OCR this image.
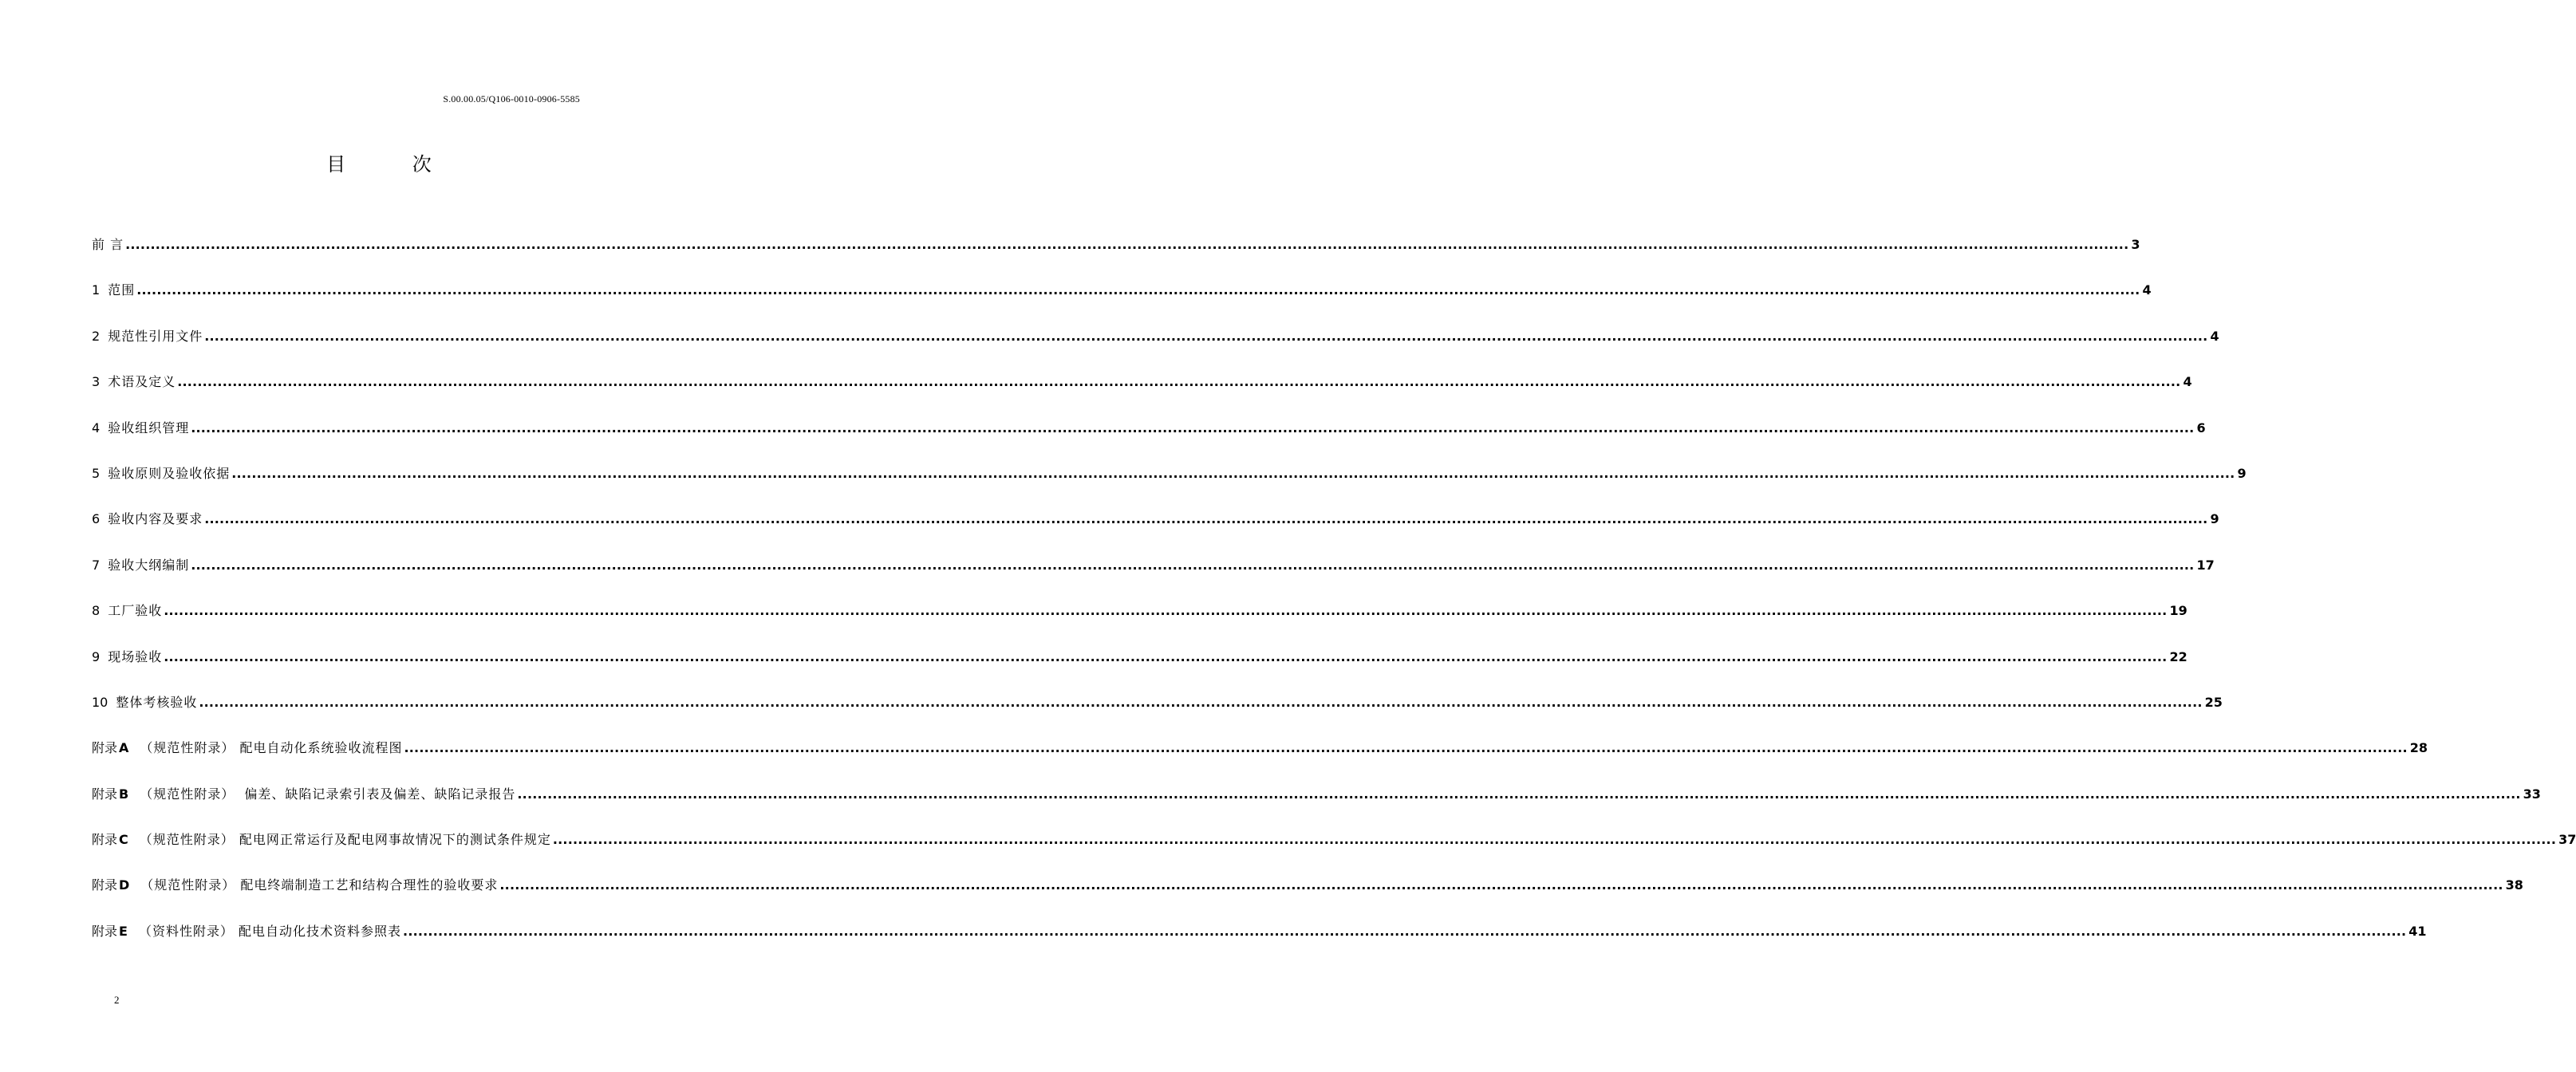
S.00.00.05/Q106-0010-0906-5585
目 次
前 言 ................................................................................................................................................................................................................................................................................................................................................................................................................ 3
1 范围 ................................................................................................................................................................................................................................................................................................................................................................................................................ 4
2 规范性引用文件 ................................................................................................................................................................................................................................................................................................................................................................................................................ 4
3 术语及定义 ................................................................................................................................................................................................................................................................................................................................................................................................................ 4
4 验收组织管理 ................................................................................................................................................................................................................................................................................................................................................................................................................ 6
5 验收原则及验收依据 ................................................................................................................................................................................................................................................................................................................................................................................................................ 9
6 验收内容及要求 ................................................................................................................................................................................................................................................................................................................................................................................................................ 9
7 验收大纲编制 ................................................................................................................................................................................................................................................................................................................................................................................................................ 17
8 工厂验收 ................................................................................................................................................................................................................................................................................................................................................................................................................ 19
9 现场验收 ................................................................................................................................................................................................................................................................................................................................................................................................................ 22
10 整体考核验收 ................................................................................................................................................................................................................................................................................................................................................................................................................ 25
附录 A （规范性附录） 配电自动化系统验收流程图 ................................................................................................................................................................................................................................................................................................................................................................................................................ 28
附录 B （规范性附录）  偏差、缺陷记录索引表及偏差、缺陷记录报告 ................................................................................................................................................................................................................................................................................................................................................................................................................ 33
附录 C （规范性附录） 配电网正常运行及配电网事故情况下的测试条件规定 ................................................................................................................................................................................................................................................................................................................................................................................................................ 37
附录 D （规范性附录） 配电终端制造工艺和结构合理性的验收要求 ................................................................................................................................................................................................................................................................................................................................................................................................................ 38
附录 E （资料性附录） 配电自动化技术资料参照表 ................................................................................................................................................................................................................................................................................................................................................................................................................ 41
2
